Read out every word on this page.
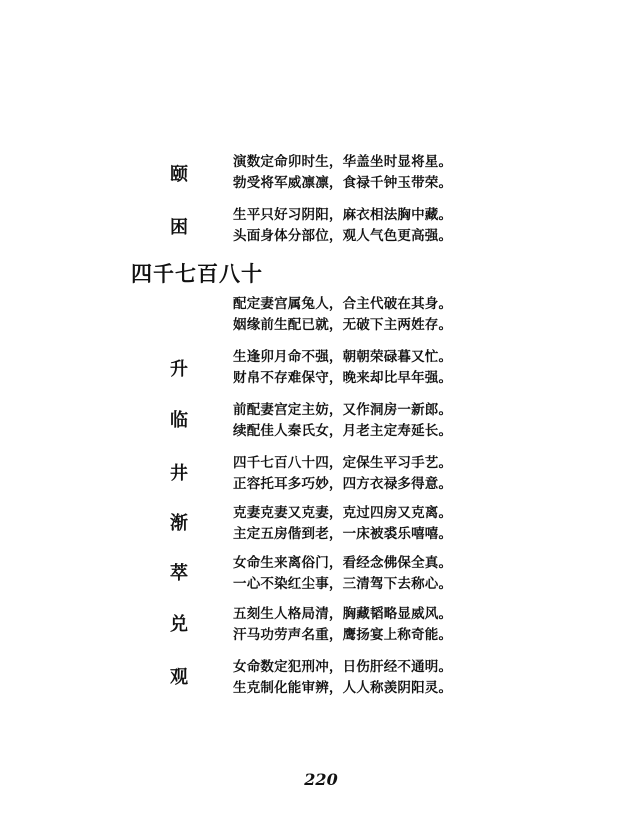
颐
演数定命卯时生，华盖坐时显将星。
勃受将军威凛凛，食禄千钟玉带荣。
困
生平只好习阴阳，麻衣相法胸中藏。
头面身体分部位，观人气色更高强。
四千七百八十
配定妻宫属兔人，合主代破在其身。
姻缘前生配已就，无破下主两姓存。
升
生逢卯月命不强，朝朝荣碌暮又忙。
财帛不存难保守，晚来却比早年强。
临	前配妻宫定主妨，又作洞房一新郎。
续配佳人秦氏女，月老主定寿延长。
井	四千七百八十四，定保生平习手艺。
正容托耳多巧妙，四方衣禄多得意。
渐	克妻克妻又克妻，克过四房又克离。
主定五房偕到老，一床被裘乐嘻嘻。
萃	女命生来离俗门，看经念佛保全真。
一心不染红尘事，三清驾下去称心。
兑	五刻生人格局清，胸藏韬略显威风。
汗马功劳声名重，鹰扬宴上称奇能。
观	女命数定犯刑冲，日伤肝经不通明。
生克制化能审辨，人人称羡阴阳灵。
220
